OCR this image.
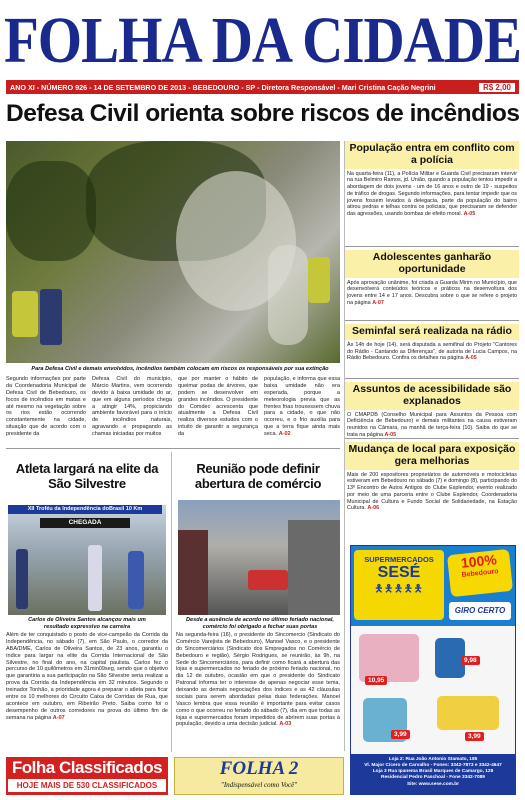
FOLHA DA CIDADE
ANO XI - NÚMERO 926 - 14 DE SETEMBRO DE 2013 - BEBEDOURO - SP - Diretora Responsável - Mari Cristina Cação Negrini	R$ 2,00
Defesa Civil orienta sobre riscos de incêndios
Para Defesa Civil e demais envolvidos, incêndios também colocam em riscos os responsáveis por sua extinção
Segundo informações por parte da Coordenadoria Municipal de Defesa Civil de Bebedouro, os focos de incêndios em matas e até mesmo na vegetação sobre os rios estão ocorrendo constantemente na cidade, situação que de acordo com o presidente da
Defesa Civil do município, Márcio Martins, vem ocorrendo devido à baixa umidade do ar, que em alguns períodos chega a atingir 14%, propiciando ambiente favorável para o início de incêndios naturais, agravando e propagando as chamas iniciadas por muitos
que por manter o hábito de queimar podas de árvores, que podem se desenvolver em grandes incêndios. O presidente do Comdec acrescenta que atualmente a Defesa Civil realiza diversos estudos com o intuito de garantir a segurança da
população, e informa que essa baixa umidade não era esperada, porque a meteorologia previa que as frentes frias trouxessem chuva para a cidade, o que não ocorreu, e o frio auxilia para que a terra fique ainda mais seca. A-02
População entra em conflito com a polícia
Na quarta-feira (11), a Polícia Militar e Guarda Civil precisaram intervir na rua Belmiro Ramos, jd. União, quando a população tentou impedir a abordagem de dois jovens - um de 16 anos e outro de 19 - suspeitos de tráfico de drogas. Segundo informações, para tentar impedir que os jovens fossem levados à delegacia, parte da população do bairro atirou pedras e telhas contra os policiais, que precisaram se defender das agressões, usando bombas de efeito moral. A-05
Adolescentes ganharão oportunidade
Após aprovação unânime, foi criada a Guarda Mirim no Município, que desenvolverá conteúdos teóricos e práticos na desenvoltura dos jovens entre 14 e 17 anos. Descubra sobre o que se refere o projeto na página A-07
Seminfal será realizada na rádio
Às 14h de hoje (14), será disputada a semifinal do Projeto "Cantores do Rádio - Cantando as Diferenças", de autoria de Lucia Campos, na Rádio Bebedouro. Confira os detalhes na página A-05
Assuntos de acessibilidade são explanados
O CMAPDB (Conselho Municipal para Assuntos da Pessoa com Deficiência de Bebedouro) e demais militantes na causa estiveram reunidos na Câmara, na manhã de terça-feira (10). Saiba do que se trata na página A-05
Mudança de local para exposição gera melhorias
Mais de 200 expositores proprietários de automóveis e motocicletas estiveram em Bebedouro no sábado (7) e domingo (8), participando do 13º Encontro de Autos Antigos do Clube Esplendor, evento realizado por meio de uma parceria entre o Clube Esplendor, Coordenadoria Municipal de Cultura e Fundo Social de Solidariedade, na Estação Cultura. A-06
Atleta largará na elite da São Silvestre
XII Troféu da Independência doBrasil 10 Km
CHEGADA
Carlos de Oliveira Santos alcançou mais um resultado expressivo na carreira
Além de ter conquistado o posto de vice-campeão da Corrida da Independência, no sábado (7), em São Paulo, o corredor da ABA/DME, Carlos de Oliveira Santos, de 23 anos, garantiu o índice para largar na elite da Corrida Internacional de São Silvestre, no final do ano, na capital paulista. Carlos fez o percurso de 10 quilômetros em 31min09seg, sendo que o objetivo que garantiria a sua participação na São Silvestre seria realizar a prova da Corrida da Independência em 32 minutos. Segundo o treinador Tonhão, a prioridade agora é preparar o atleta para ficar entre os 10 melhores do Circuito Caixa de Corridas de Rua, que acontece em outubro, em Ribeirão Preto. Saiba como foi o desempenho de outros corredores na prova do último fim de semana na página A-07
Reunião pode definir abertura de comércio
Desde a ausência de acordo no último feriado nacional, comércio foi obrigado a fechar suas portas
Na segunda-feira (16), o presidente do Sincomercio (Sindicato do Comércio Varejista de Bebedouro), Manoel Vasco, e o presidente do Sincomerciários (Sindicato dos Empregados no Comércio de Bebedouro e região), Sérgio Rodrigues, se reunirão, às 9h, na Sede do Sincomerciários, para definir como ficará a abertura das lojas e supermercados no feriado de próximo feriado nacional, no dia 12 de outubro, ocasião em que o presidente do Sindicato Patronal informa ter o interesse de apenas negociar esse tema, deixando as demais negociações dos índices e as 42 cláusulas sociais para serem abordadas pelas duas federações. Manoel Vasco lembra que essa reunião é importante para evitar casos como o que ocorreu no feriado do sábado (7), dia em que todas as lojas e supermercados foram impedidos de abrirem suas portas à população, devido a uma decisão judicial. A-03
SUPERMERCADOS
SESÉ
🯅🯅🯅🯅🯅
100%
Bebedouro
GIRO CERTO
10,95
9,98
3,99	3,99
Loja 2: Rua João Antonio Stamato, 185
Vl. Major Cícero de Carvalho - Fones: 3342-7873 e 3342-4647
Loja 3 Rua Ipanema Brasil Marques de Camargo, 128
Residencial Pedro Paschoal - Fone 3342-7089
Site: www.sese.com.br
Folha Classificados
HOJE MAIS DE 530 CLASSIFICADOS
FOLHA 2
"Indispensável como Você"
